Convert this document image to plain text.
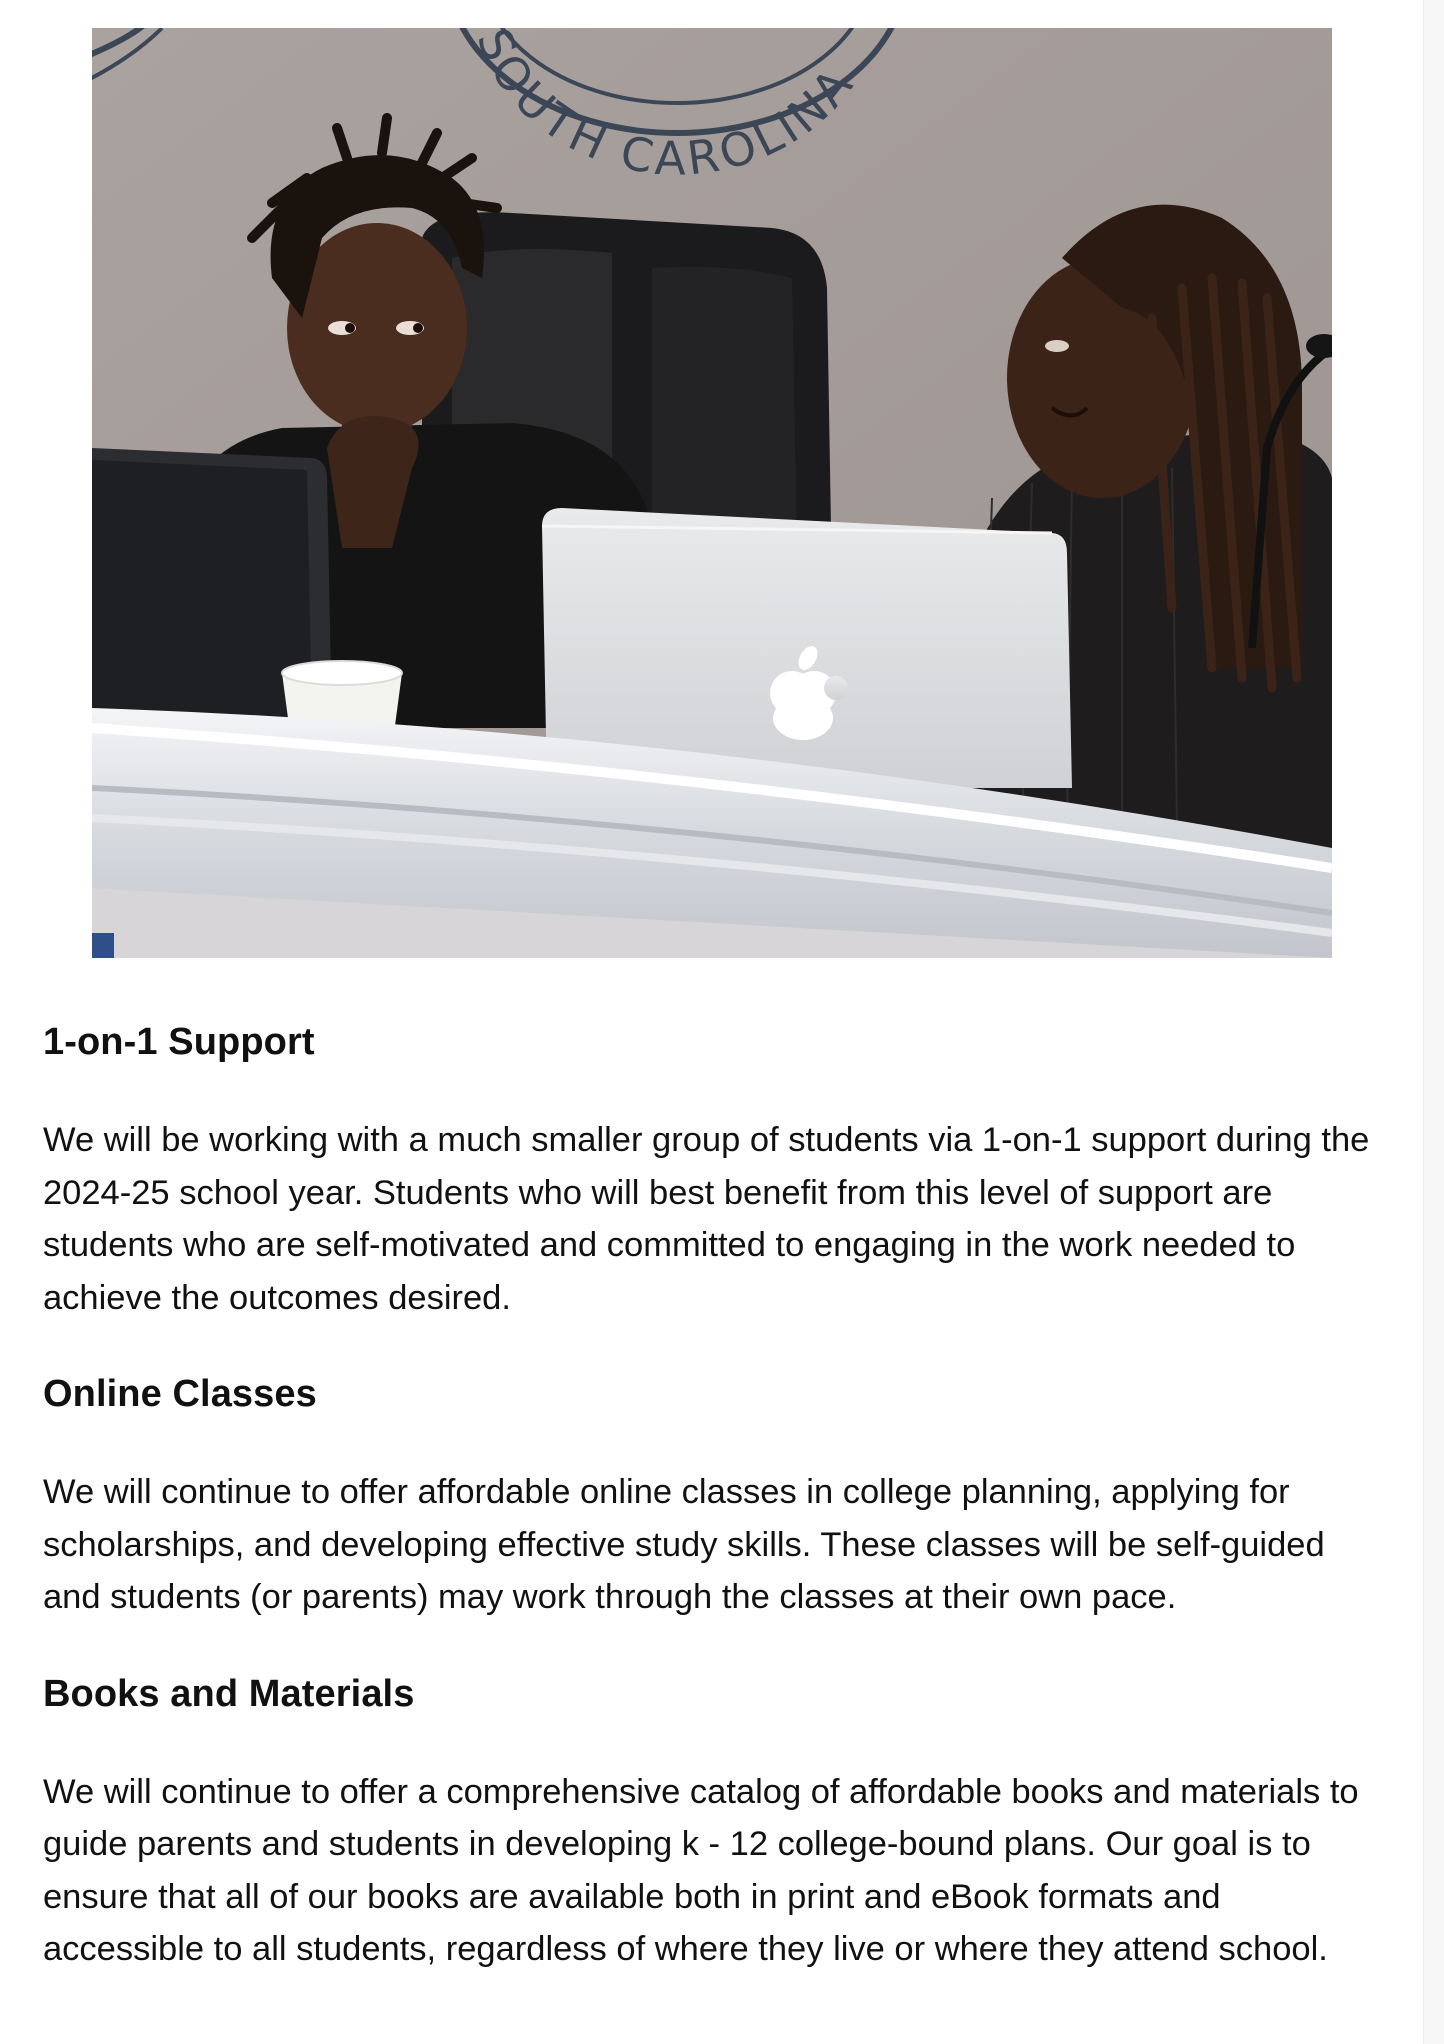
SOUTH CAROLINA
1-on-1 Support

We will be working with a much smaller group of students via 1-on-1 support during the 2024-25 school year. Students who will best benefit from this level of support are students who are self-motivated and committed to engaging in the work needed to achieve the outcomes desired.

Online Classes

We will continue to offer affordable online classes in college planning, applying for scholarships, and developing effective study skills. These classes will be self-guided and students (or parents) may work through the classes at their own pace.

Books and Materials

We will continue to offer a comprehensive catalog of affordable books and materials to guide parents and students in developing k - 12 college-bound plans. Our goal is to ensure that all of our books are available both in print and eBook formats and accessible to all students, regardless of where they live or where they attend school.
